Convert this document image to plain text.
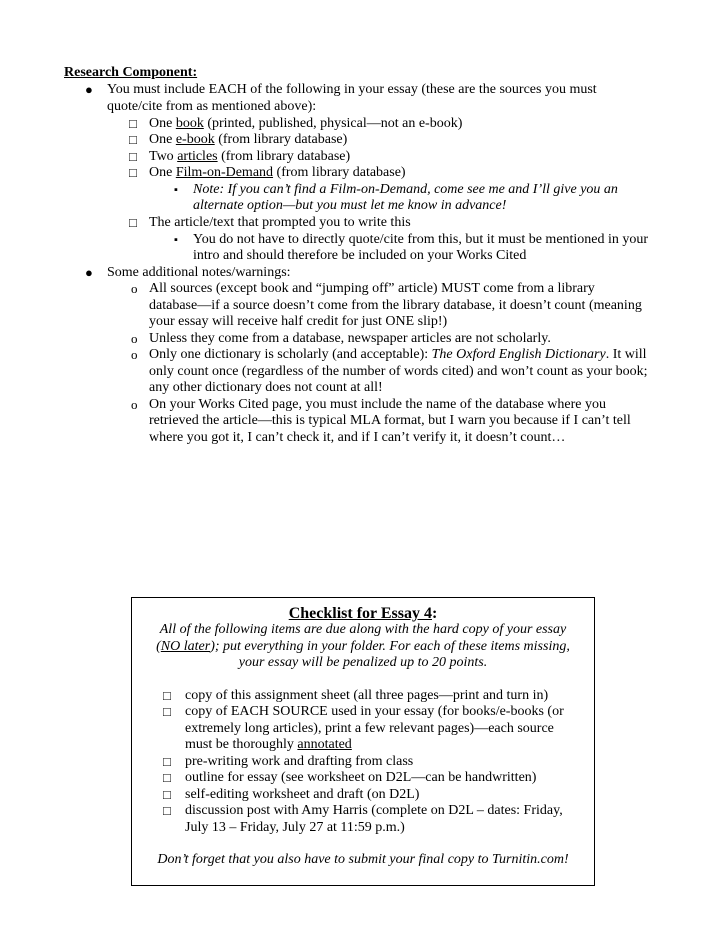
Research Component:
● You must include EACH of the following in your essay (these are the sources you must
quote/cite from as mentioned above):
□ One book (printed, published, physical—not an e-book)
□ One e-book (from library database)
□ Two articles (from library database)
□ One Film-on-Demand (from library database)
▪ Note: If you can’t find a Film-on-Demand, come see me and I’ll give you an
alternate option—but you must let me know in advance!
□ The article/text that prompted you to write this
▪ You do not have to directly quote/cite from this, but it must be mentioned in your
intro and should therefore be included on your Works Cited
● Some additional notes/warnings:
o All sources (except book and “jumping off” article) MUST come from a library
database—if a source doesn’t come from the library database, it doesn’t count (meaning
your essay will receive half credit for just ONE slip!)
o Unless they come from a database, newspaper articles are not scholarly.
o Only one dictionary is scholarly (and acceptable): The Oxford English Dictionary. It will
only count once (regardless of the number of words cited) and won’t count as your book;
any other dictionary does not count at all!
o On your Works Cited page, you must include the name of the database where you
retrieved the article—this is typical MLA format, but I warn you because if I can’t tell
where you got it, I can’t check it, and if I can’t verify it, it doesn’t count…
Checklist for Essay 4:
All of the following items are due along with the hard copy of your essay
(NO later); put everything in your folder. For each of these items missing,
your essay will be penalized up to 20 points.
□ copy of this assignment sheet (all three pages—print and turn in)
□ copy of EACH SOURCE used in your essay (for books/e-books (or
extremely long articles), print a few relevant pages)—each source
must be thoroughly annotated
□ pre-writing work and drafting from class
□ outline for essay (see worksheet on D2L—can be handwritten)
□ self-editing worksheet and draft (on D2L)
□ discussion post with Amy Harris (complete on D2L – dates: Friday,
July 13 – Friday, July 27 at 11:59 p.m.)
Don’t forget that you also have to submit your final copy to Turnitin.com!
